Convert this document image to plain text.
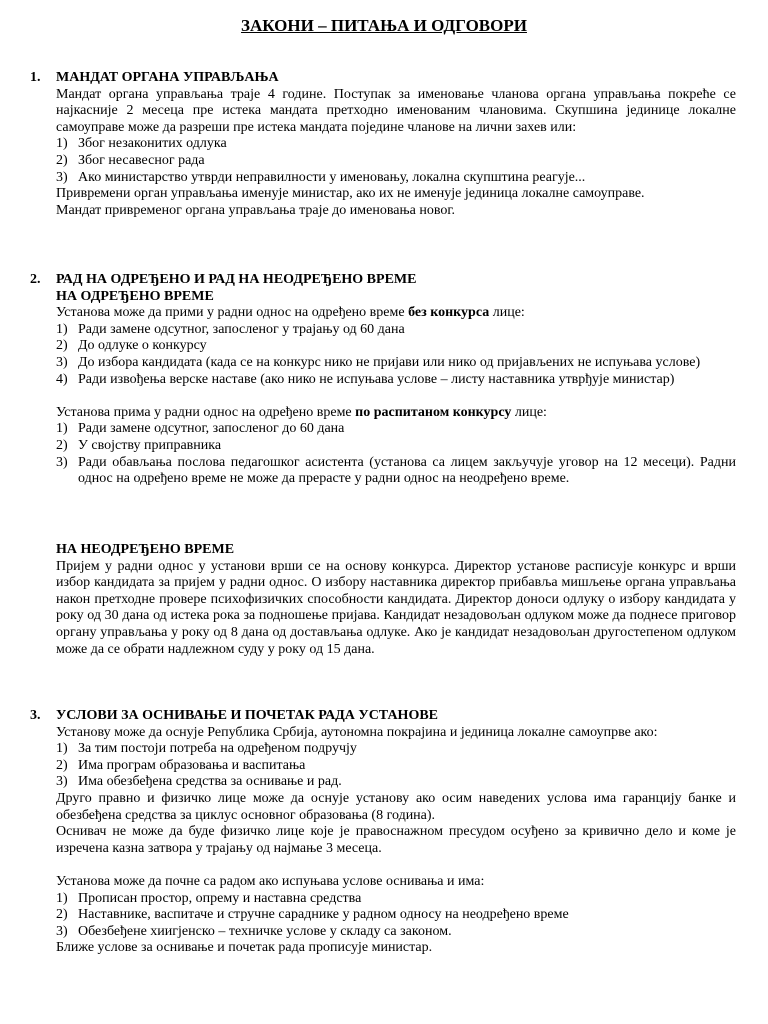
ЗАКОНИ – ПИТАЊА И ОДГОВОРИ
1. МАНДАТ ОРГАНА УПРАВЉАЊА

Мандат органа управљања траје 4 године. Поступак за именовање чланова органа управљања покреће се најкасније 2 месеца пре истека мандата претходно именованим члановима. Скупшина јединице локалне самоуправе може да разреши пре истека мандата поједине чланове на лични захев или:

1) Због незаконитих одлука
2) Због несавесног рада
3) Ако министарство утврди неправилности у именовању, локална скупштина реагује...

Привремени орган управљања именује министар, ако их не именује јединица локалне самоуправе.

Мандат привременог органа управљања траје до именовања новог.

2. РАД НА ОДРЕЂЕНО И РАД НА НЕОДРЕЂЕНО ВРЕМЕ

НА ОДРЕЂЕНО ВРЕМЕ

Установа може да прими у радни однос на одређено време без конкурса лице:

1) Ради замене одсутног, запосленог у трајању од 60 дана
2) До одлуке о конкурсу
3) До избора кандидата (када се на конкурс нико не пријави или нико од пријављених не испуњава услове)
4) Ради извођења верске наставе (ако нико не испуњава услове – листу наставника утврђује министар)

Установа прима у радни однос на одређено време по распитаном конкурсу лице:

1) Ради замене одсутног, запосленог до 60 дана
2) У својству приправника
3) Ради обављања послова педагошког асистента (установа са лицем закључује уговор на 12 месеци). Радни однос на одређено време не може да прерасте у радни однос на неодређено време.

НА НЕОДРЕЂЕНО ВРЕМЕ

Пријем у радни однос у установи врши се на основу конкурса. Директор установе расписује конкурс и врши избор кандидата за пријем у радни однос. О избору наставника директор прибавља мишљење органа управљања након претходне провере психофизичких способности кандидата. Директор доноси одлуку о избору кандидата у року од 30 дана од истека рока за подношење пријава. Кандидат незадовољан одлуком може да поднесе приговор органу управљања у року од 8 дана од достављања одлуке. Ако је кандидат незадовољан другостепеном одлуком може да се обрати надлежном суду у року од 15 дана.

3. УСЛОВИ ЗА ОСНИВАЊЕ И ПОЧЕТАК РАДА УСТАНОВЕ

Установу може да оснује Република Србија, аутономна покрајина и јединица локалне самоупрве ако:

1) За тим постоји потреба на одређеном подручју
2) Има програм образовања и васпитања
3) Има обезбеђена средства за оснивање и рад.

Друго правно и физичко лице може да оснује установу ако осим наведених услова има гаранцију банке и обезбеђена средства за циклус основног образовања (8 година).

Оснивач не може да буде физичко лице које је правоснажном пресудом осуђено за кривично дело и коме је изречена казна затвора у трајању од најмање 3 месеца.

Установа може да почне са радом ако испуњава услове оснивања и има:

1) Прописан простор, опрему и наставна средства
2) Наставнике, васпитаче и стручне сараднике у радном односу на неодређено време
3) Обезбеђене хиигјенско – техничке услове у складу са законом.

Ближе услове за оснивање и почетак рада прописује министар.
